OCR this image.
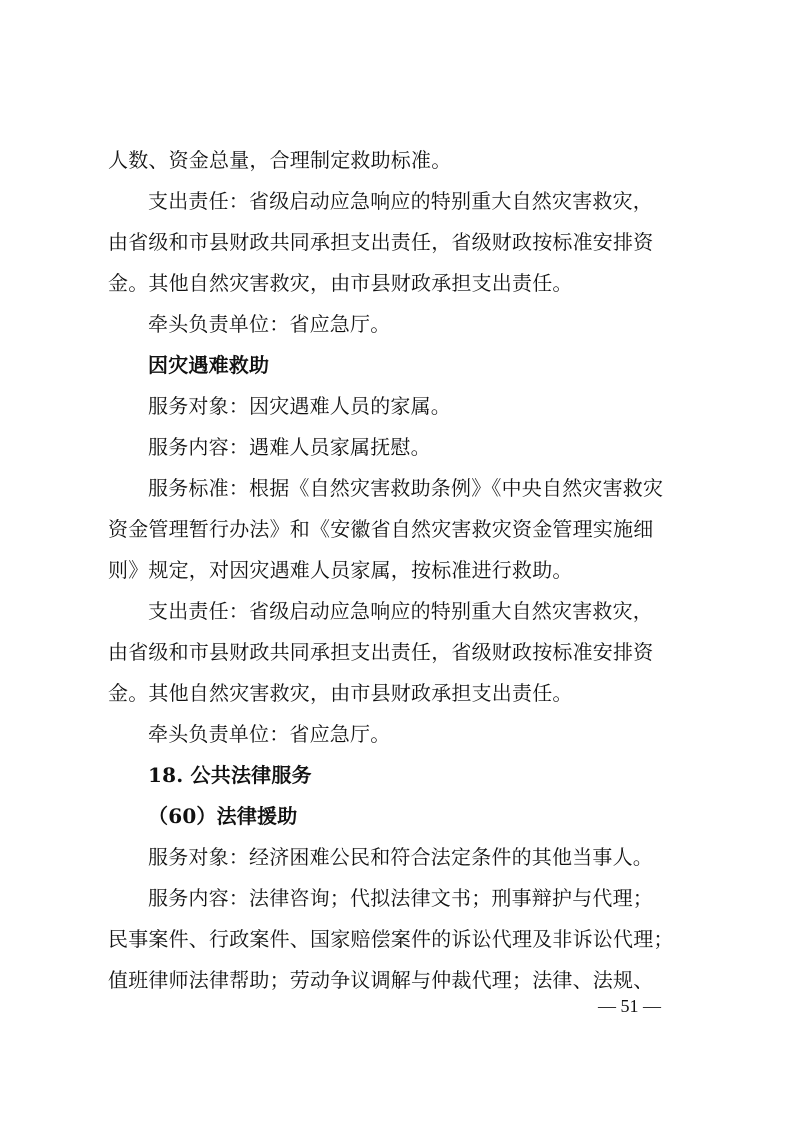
人数、资金总量，合理制定救助标准。
支出责任：省级启动应急响应的特别重大自然灾害救灾，
由省级和市县财政共同承担支出责任，省级财政按标准安排资
金。其他自然灾害救灾，由市县财政承担支出责任。
牵头负责单位：省应急厅。
因灾遇难救助
服务对象：因灾遇难人员的家属。
服务内容：遇难人员家属抚慰。
服务标准：根据《自然灾害救助条例》《中央自然灾害救灾
资金管理暂行办法》和《安徽省自然灾害救灾资金管理实施细
则》规定，对因灾遇难人员家属，按标准进行救助。
支出责任：省级启动应急响应的特别重大自然灾害救灾，
由省级和市县财政共同承担支出责任，省级财政按标准安排资
金。其他自然灾害救灾，由市县财政承担支出责任。
牵头负责单位：省应急厅。
18. 公共法律服务
（60）法律援助
服务对象：经济困难公民和符合法定条件的其他当事人。
服务内容：法律咨询；代拟法律文书；刑事辩护与代理；
民事案件、行政案件、国家赔偿案件的诉讼代理及非诉讼代理；
值班律师法律帮助；劳动争议调解与仲裁代理；法律、法规、
— 51 —
